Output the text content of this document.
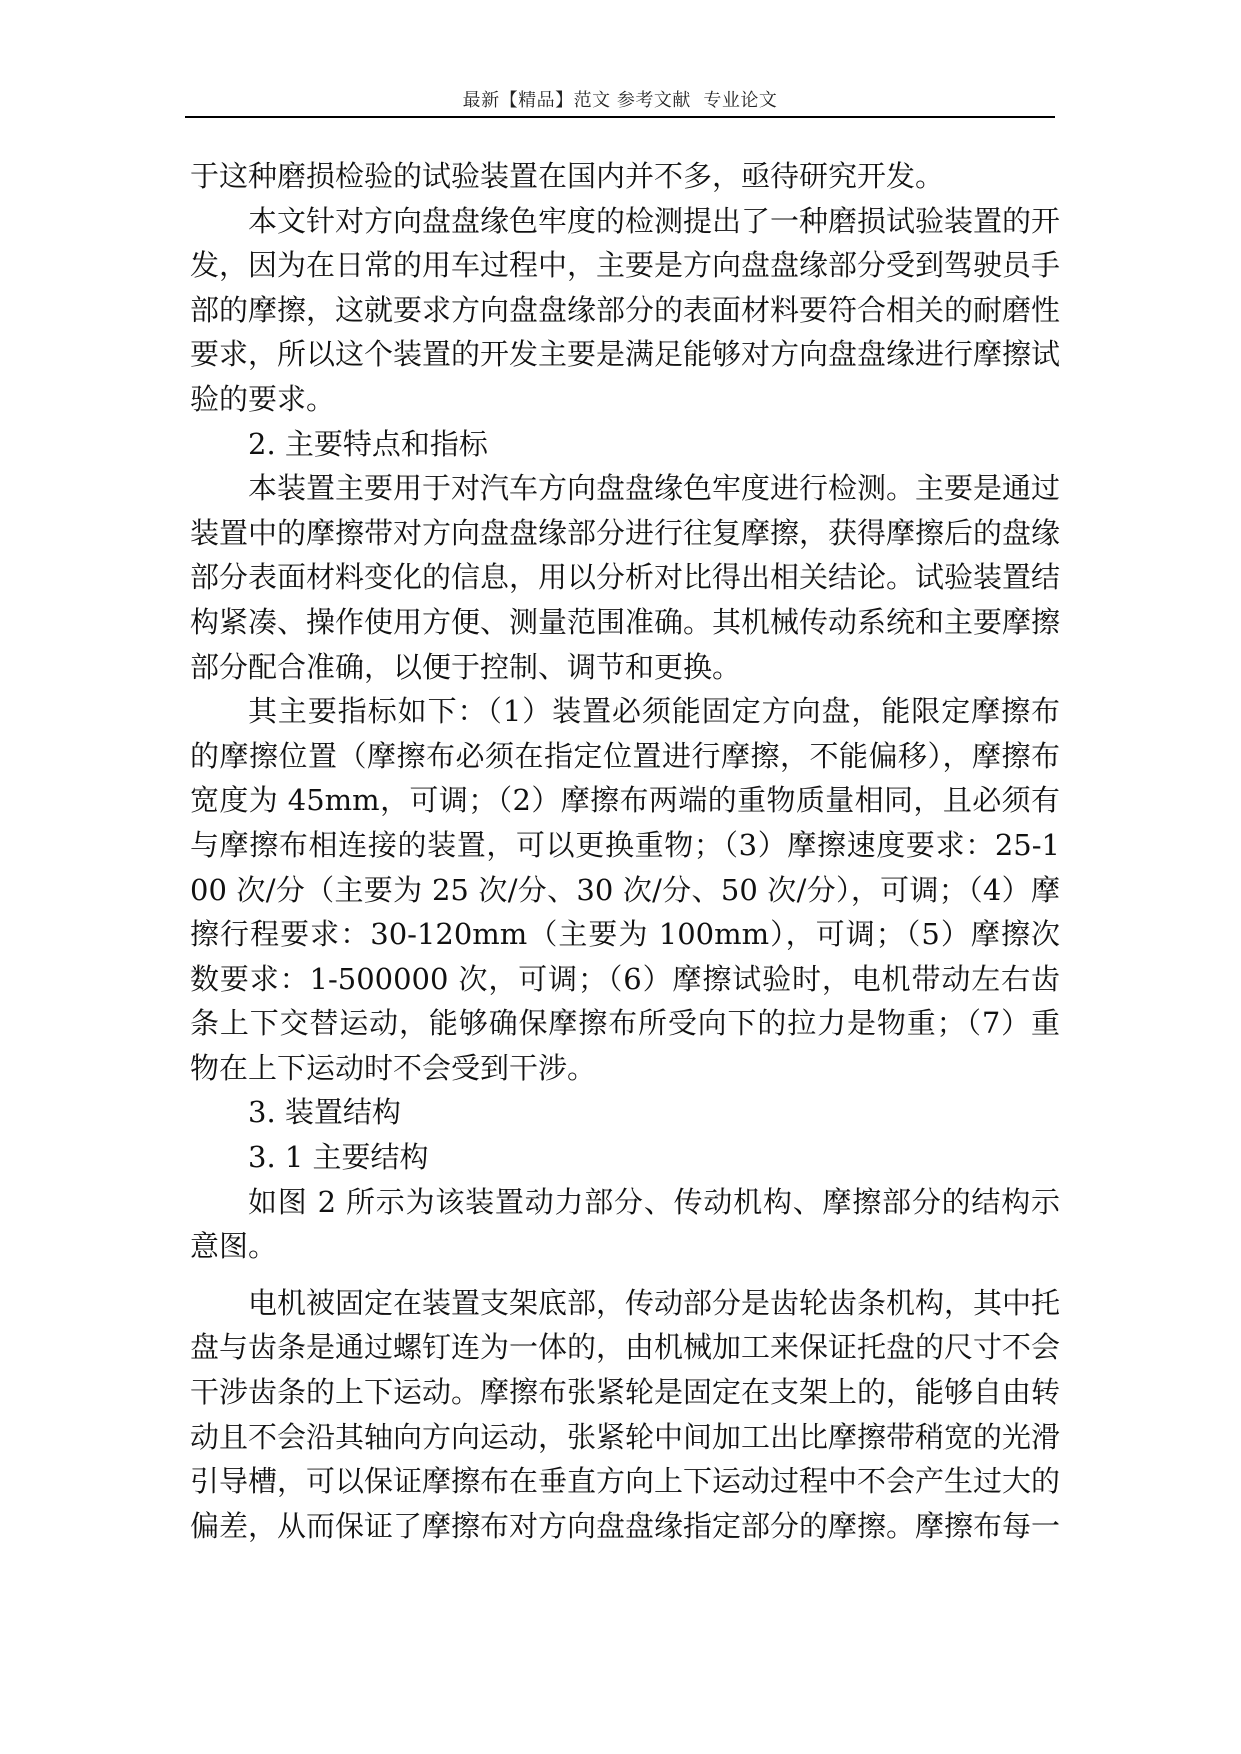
最新【精品】范文 参考文献  专业论文

于这种磨损检验的试验装置在国内并不多，亟待研究开发。

本文针对方向盘盘缘色牢度的检测提出了一种磨损试验装置的开发，因为在日常的用车过程中，主要是方向盘盘缘部分受到驾驶员手部的摩擦，这就要求方向盘盘缘部分的表面材料要符合相关的耐磨性要求，所以这个装置的开发主要是满足能够对方向盘盘缘进行摩擦试验的要求。

2. 主要特点和指标

本装置主要用于对汽车方向盘盘缘色牢度进行检测。主要是通过装置中的摩擦带对方向盘盘缘部分进行往复摩擦，获得摩擦后的盘缘部分表面材料变化的信息，用以分析对比得出相关结论。试验装置结构紧凑、操作使用方便、测量范围准确。其机械传动系统和主要摩擦部分配合准确，以便于控制、调节和更换。

其主要指标如下：（1）装置必须能固定方向盘，能限定摩擦布的摩擦位置（摩擦布必须在指定位置进行摩擦，不能偏移），摩擦布宽度为 45mm，可调；（2）摩擦布两端的重物质量相同，且必须有与摩擦布相连接的装置，可以更换重物；（3）摩擦速度要求：25-100 次/分（主要为 25 次/分、30 次/分、50 次/分），可调；（4）摩擦行程要求：30-120mm（主要为 100mm），可调；（5）摩擦次数要求：1-500000 次，可调；（6）摩擦试验时，电机带动左右齿条上下交替运动，能够确保摩擦布所受向下的拉力是物重；（7）重物在上下运动时不会受到干涉。

3. 装置结构

3. 1 主要结构

如图 2 所示为该装置动力部分、传动机构、摩擦部分的结构示意图。

电机被固定在装置支架底部，传动部分是齿轮齿条机构，其中托盘与齿条是通过螺钉连为一体的，由机械加工来保证托盘的尺寸不会干涉齿条的上下运动。摩擦布张紧轮是固定在支架上的，能够自由转动且不会沿其轴向方向运动，张紧轮中间加工出比摩擦带稍宽的光滑引导槽，可以保证摩擦布在垂直方向上下运动过程中不会产生过大的偏差，从而保证了摩擦布对方向盘盘缘指定部分的摩擦。摩擦布每一
